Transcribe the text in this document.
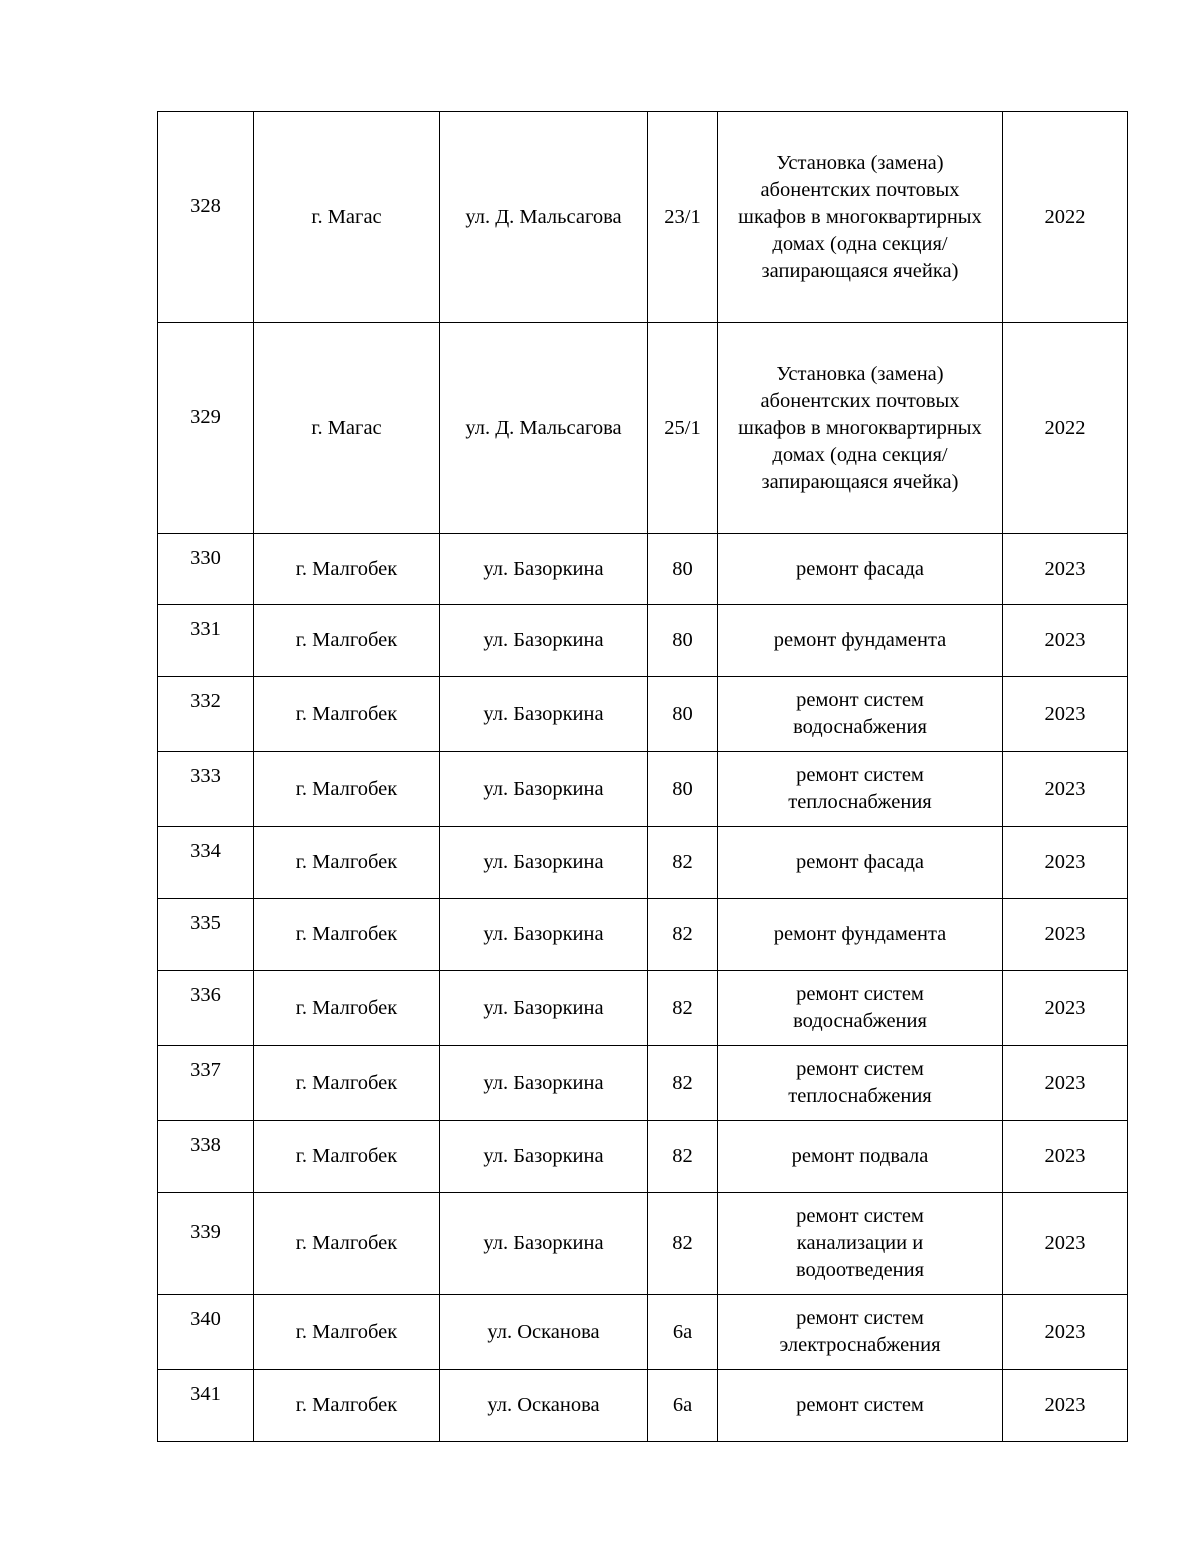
328	г. Магас	ул. Д. Мальсагова	23/1	Установка (замена) абонентских почтовых шкафов в многоквартирных домах (одна секция/запирающаяся ячейка)	2022

329	г. Магас	ул. Д. Мальсагова	25/1	Установка (замена) абонентских почтовых шкафов в многоквартирных домах (одна секция/запирающаяся ячейка)	2022

330	г. Малгобек	ул. Базоркина	80	ремонт фасада	2023

331	г. Малгобек	ул. Базоркина	80	ремонт фундамента	2023

332	г. Малгобек	ул. Базоркина	80	ремонт систем водоснабжения	2023

333	г. Малгобек	ул. Базоркина	80	ремонт систем теплоснабжения	2023

334	г. Малгобек	ул. Базоркина	82	ремонт фасада	2023

335	г. Малгобек	ул. Базоркина	82	ремонт фундамента	2023

336	г. Малгобек	ул. Базоркина	82	ремонт систем водоснабжения	2023

337	г. Малгобек	ул. Базоркина	82	ремонт систем теплоснабжения	2023

338	г. Малгобек	ул. Базоркина	82	ремонт подвала	2023

339	г. Малгобек	ул. Базоркина	82	ремонт систем канализации и водоотведения	2023

340	г. Малгобек	ул. Осканова	6а	ремонт систем электроснабжения	2023

341	г. Малгобек	ул. Осканова	6а	ремонт систем	2023
